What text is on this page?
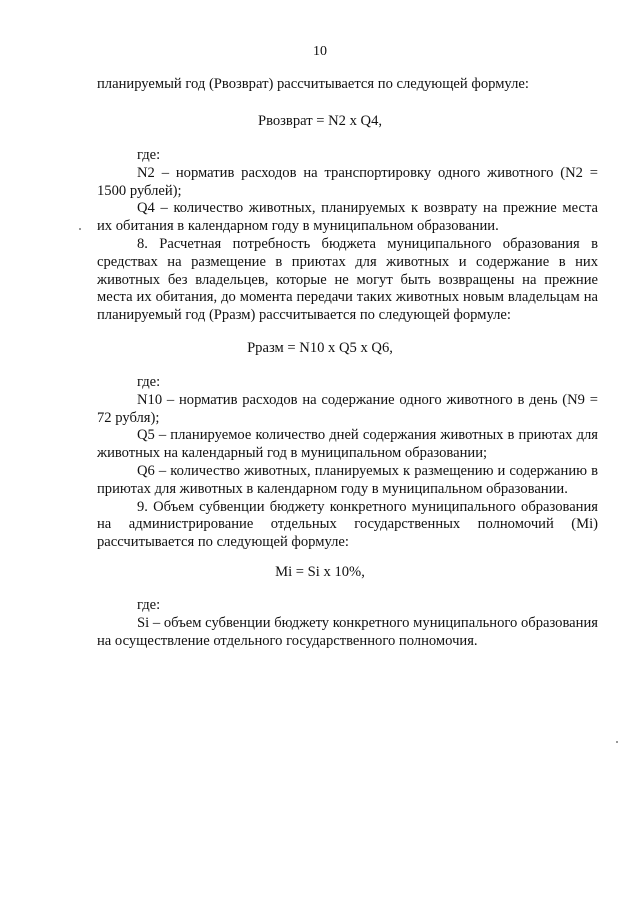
10

планируемый год (Рвозврат) рассчитывается по следующей формуле:

Рвозврат = N2 х Q4,

где:

N2 – норматив расходов на транспортировку одного животного (N2 = 1500 рублей);

Q4 – количество животных, планируемых к возврату на прежние места их обитания в календарном году в муниципальном образовании.

8. Расчетная потребность бюджета муниципального образования в средствах на размещение в приютах для животных и содержание в них животных без владельцев, которые не могут быть возвращены на прежние места их обитания, до момента передачи таких животных новым владельцам на планируемый год (Рразм) рассчитывается по следующей формуле:

Рразм = N10 х Q5 х Q6,

где:

N10 – норматив расходов на содержание одного животного в день (N9 = 72 рубля);

Q5 – планируемое количество дней содержания животных в приютах для животных на календарный год в муниципальном образовании;

Q6 – количество животных, планируемых к размещению и содержанию в приютах для животных в календарном году в муниципальном образовании.

9. Объем субвенции бюджету конкретного муниципального образования на администрирование отдельных государственных полномочий (Mi) рассчитывается по следующей формуле:

Mi = Si х 10%,

где:

Si – объем субвенции бюджету конкретного муниципального образования на осуществление отдельного государственного полномочия.
